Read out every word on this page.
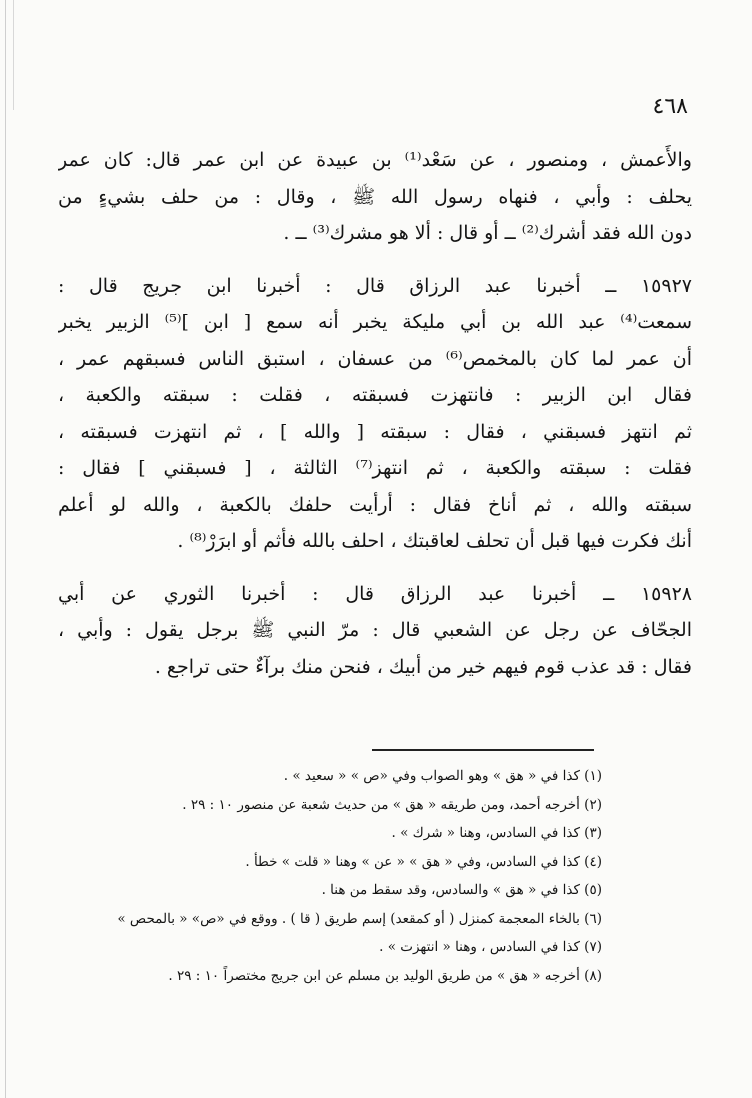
٤٦٨
والأَعمش ، ومنصور ، عن سَعْد⁽¹⁾ بن عبيدة عن ابن عمر قال: كان عمر
يحلف : وأبي ، فنهاه رسول الله ﷺ ، وقال : من حلف بشيءٍ من
دون الله فقد أشرك⁽²⁾ ــ أو قال : ألا هو مشرك⁽³⁾ ــ .
١٥٩٢٧ ــ أخبرنا عبد الرزاق قال : أخبرنا ابن جريج قال :
سمعت⁽⁴⁾ عبد الله بن أبي مليكة يخبر أنه سمع [ ابن ]⁽⁵⁾ الزبير يخبر
أن عمر لما كان بالمخمص⁽⁶⁾ من عسفان ، استبق الناس فسبقهم عمر ،
فقال ابن الزبير : فانتهزت فسبقته ، فقلت : سبقته والكعبة ،
ثم انتهز فسبقني ، فقال : سبقته [ والله ] ، ثم انتهزت فسبقته ،
فقلت : سبقته والكعبة ، ثم انتهز⁽⁷⁾ الثالثة ، [ فسبقني ] فقال :
سبقته والله ، ثم أناخ فقال : أرأيت حلفك بالكعبة ، والله لو أعلم
أنك فكرت فيها قبل أن تحلف لعاقبتك ، احلف بالله فأثم أو ابرَرْ⁽⁸⁾ .
١٥٩٢٨ ــ أخبرنا عبد الرزاق قال : أخبرنا الثوري عن أبي
الجحّاف عن رجل عن الشعبي قال : مرّ النبي ﷺ برجل يقول : وأبي ،
فقال : قد عذب قوم فيهم خير من أبيك ، فنحن منك برآءٌ حتى تراجع .
(١) كذا في « هق » وهو الصواب وفي «ص » « سعيد » .
(٢) أخرجه أحمد، ومن طريقه « هق » من حديث شعبة عن منصور ١٠ : ٢٩ .
(٣) كذا في السادس، وهنا « شرك » .
(٤) كذا في السادس، وفي « هق » « عن » وهنا « قلت » خطأ .
(٥) كذا في « هق » والسادس، وقد سقط من هنا .
(٦) بالخاء المعجمة كمنزل ( أو كمقعد) إسم طريق ( قا ) . ووقع في «ص» « بالمحص »
(٧) كذا في السادس ، وهنا « انتهزت » .
(٨) أخرجه « هق » من طريق الوليد بن مسلم عن ابن جريج مختصراً ١٠ : ٢٩ .
